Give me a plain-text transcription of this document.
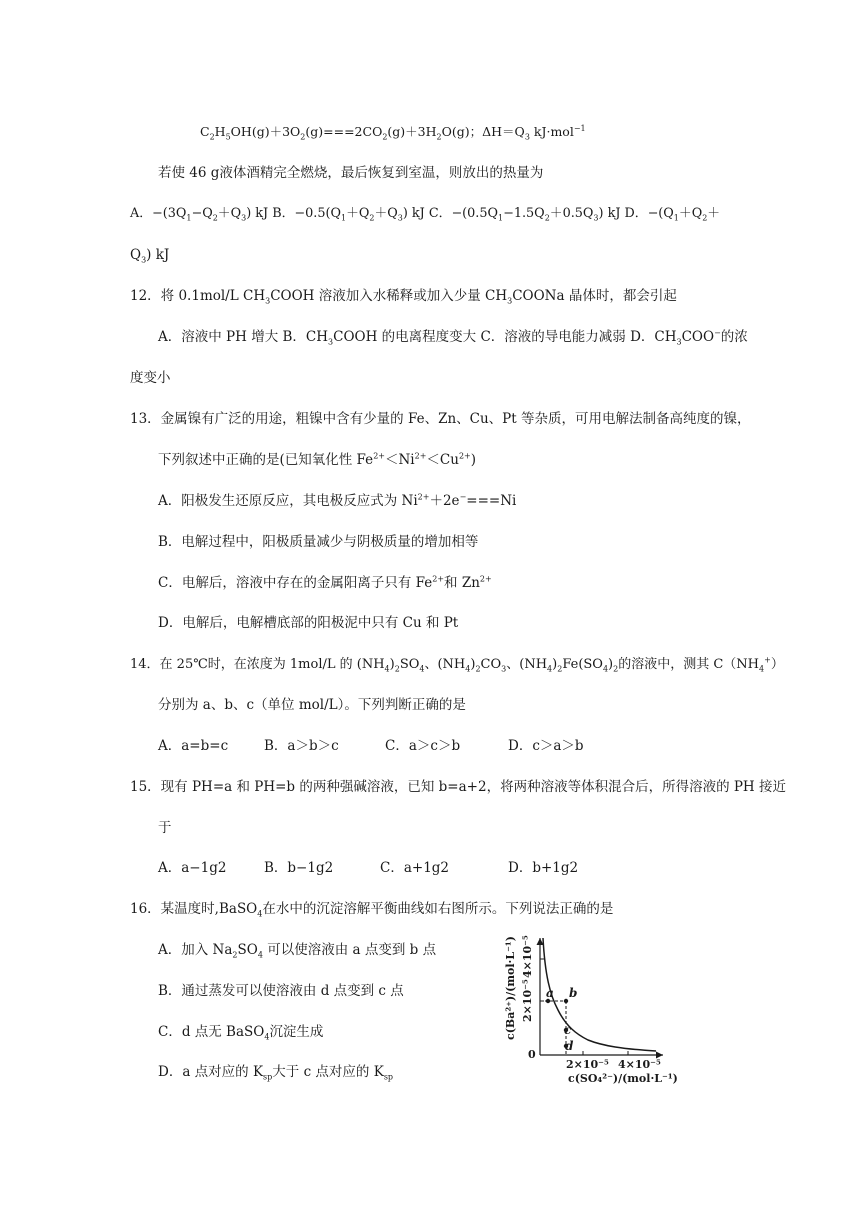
$C_2H_5OH(g)+3O_2(g)===2CO_2(g)+3H_2O(g)$；$\Delta H=Q_3$ kJ·mol$^{-1}$
若使 46 g液体酒精完全燃烧，最后恢复到室温，则放出的热量为
A．$-(3Q_1-Q_2+Q_3)$ kJ B．$-0.5(Q_1+Q_2+Q_3)$ kJ C．$-(0.5Q_1-1.5Q_2+0.5Q_3)$ kJ D．$-(Q_1+Q_2+$
$Q_3$) kJ
12．将 0.1mol/L $CH_3COOH$ 溶液加入水稀释或加入少量 $CH_3COONa$ 晶体时，都会引起
A．溶液中 PH 增大 B．$CH_3COOH$ 的电离程度变大 C．溶液的导电能力减弱 D．$CH_3COO^-$的浓
度变小
13．金属镍有广泛的用途，粗镍中含有少量的 Fe、Zn、Cu、Pt 等杂质，可用电解法制备高纯度的镍，
下列叙述中正确的是(已知氧化性 $Fe^{2+}<Ni^{2+}<Cu^{2+}$)
A．阳极发生还原反应，其电极反应式为 $Ni^{2+}+2e^-===Ni$
B．电解过程中，阳极质量减少与阴极质量的增加相等
C．电解后，溶液中存在的金属阳离子只有 $Fe^{2+}$和 $Zn^{2+}$
D．电解后，电解槽底部的阳极泥中只有 Cu 和 Pt
14．在 25℃时，在浓度为 1mol/L 的 $(NH_4)_2SO_4$、$(NH_4)_2CO_3$、$(NH_4)_2Fe(SO_4)_2$的溶液中，测其 $C(NH_4^+)$
分别为 a、b、c（单位 mol/L）。下列判断正确的是
A．a=b=c	B．a＞b＞c	C．a＞c＞b	D．c＞a＞b
15．现有 PH=a 和 PH=b 的两种强碱溶液，已知 b=a+2，将两种溶液等体积混合后，所得溶液的 PH 接近
于
A．a−1g2	B．b−1g2	C．a+1g2	D．b+1g2
16．某温度时,BaSO$_4$在水中的沉淀溶解平衡曲线如右图所示。下列说法正确的是
A．加入 $Na_2SO_4$ 可以使溶液由 a 点变到 b 点
B．通过蒸发可以使溶液由 d 点变到 c 点
C．d 点无 BaSO$_4$沉淀生成
D．a 点对应的 $K_{sp}$大于 c 点对应的 $K_{sp}$
a b
c
d
0
2×10⁻⁵
4×10⁻⁵
c(Ba²⁺)/(mol·L⁻¹)
2×10⁻⁵ 4×10⁻⁵
c(SO₄²⁻)/(mol·L⁻¹)
